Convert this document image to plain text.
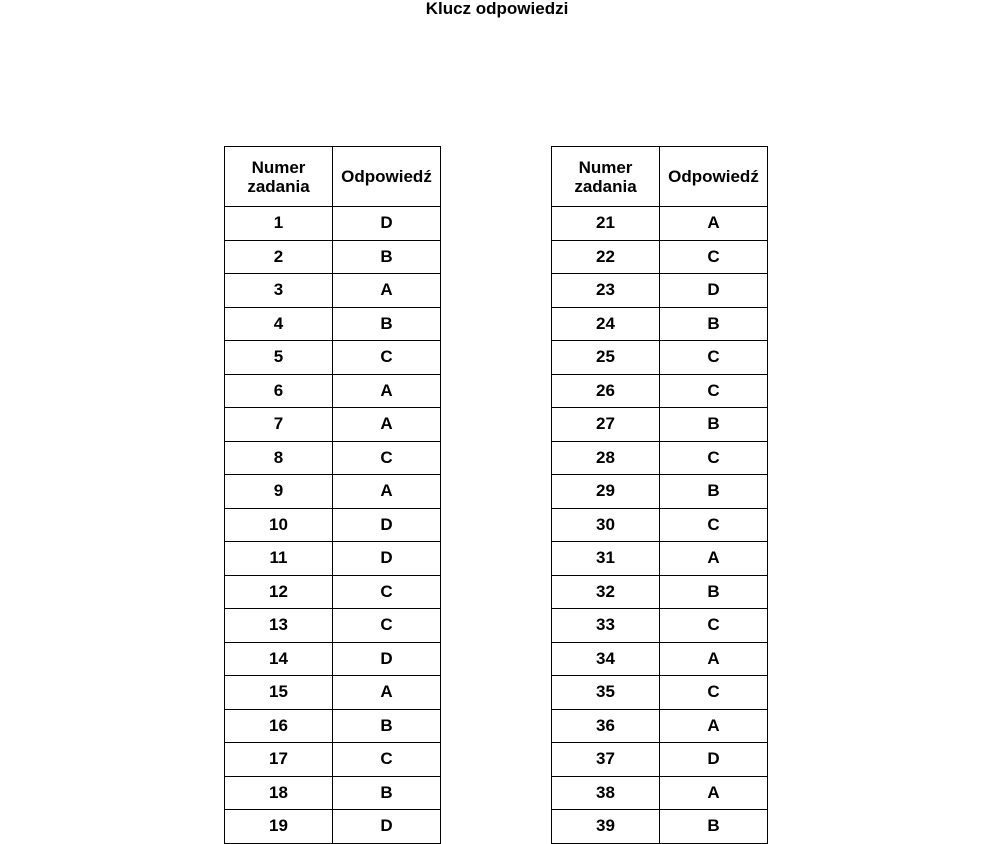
Klucz odpowiedzi
Numer zadania	Odpowiedź
1	D
2	B
3	A
4	B
5	C
6	A
7	A
8	C
9	A
10	D
11	D
12	C
13	C
14	D
15	A
16	B
17	C
18	B
19	D
Numer zadania	Odpowiedź
21	A
22	C
23	D
24	B
25	C
26	C
27	B
28	C
29	B
30	C
31	A
32	B
33	C
34	A
35	C
36	A
37	D
38	A
39	B
